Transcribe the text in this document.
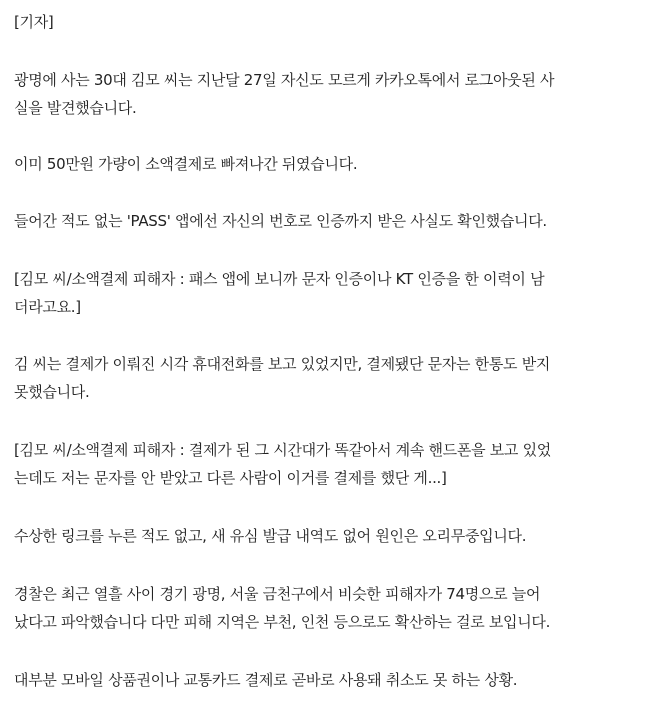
[기자]

광명에 사는 30대 김모 씨는 지난달 27일 자신도 모르게 카카오톡에서 로그아웃된 사
실을 발견했습니다.

이미 50만원 가량이 소액결제로 빠져나간 뒤였습니다.

들어간 적도 없는 'PASS' 앱에선 자신의 번호로 인증까지 받은 사실도 확인했습니다.

[김모 씨/소액결제 피해자 : 패스 앱에 보니까 문자 인증이나 KT 인증을 한 이력이 남
더라고요.]

김 씨는 결제가 이뤄진 시각 휴대전화를 보고 있었지만, 결제됐단 문자는 한통도 받지
못했습니다.

[김모 씨/소액결제 피해자 : 결제가 된 그 시간대가 똑같아서 계속 핸드폰을 보고 있었
는데도 저는 문자를 안 받았고 다른 사람이 이거를 결제를 했단 게...]

수상한 링크를 누른 적도 없고, 새 유심 발급 내역도 없어 원인은 오리무중입니다.

경찰은 최근 열흘 사이 경기 광명, 서울 금천구에서 비슷한 피해자가 74명으로 늘어
났다고 파악했습니다 다만 피해 지역은 부천, 인천 등으로도 확산하는 걸로 보입니다.

대부분 모바일 상품권이나 교통카드 결제로 곧바로 사용돼 취소도 못 하는 상황.
